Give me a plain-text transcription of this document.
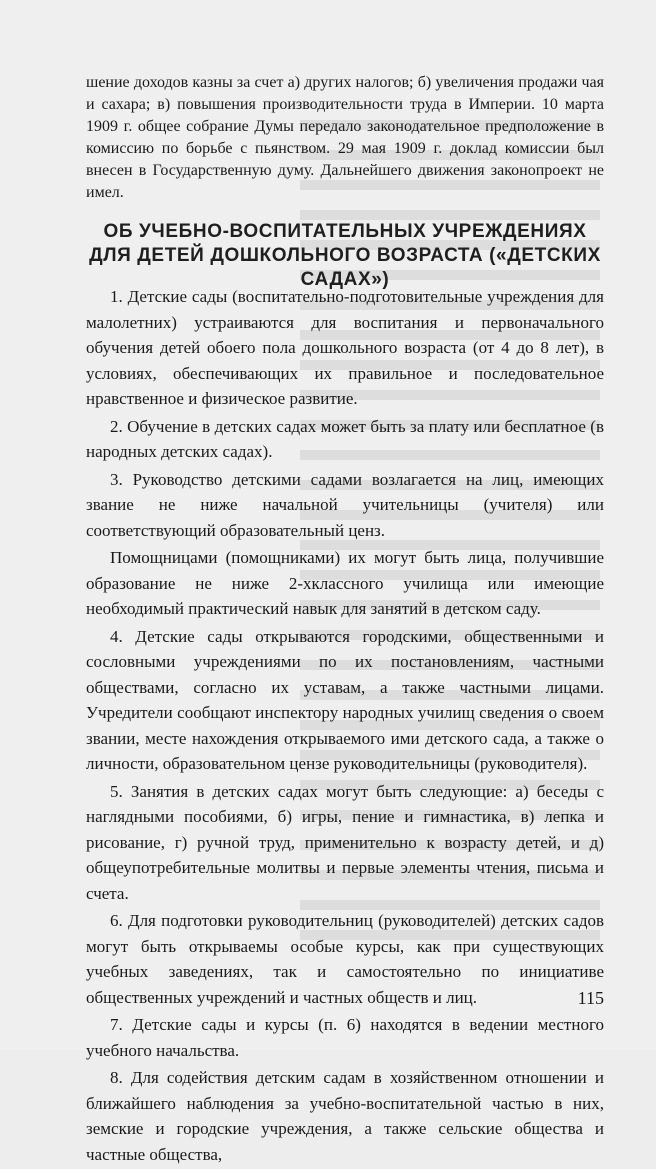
шение доходов казны за счет а) других налогов; б) увеличения продажи чая и сахара; в) повышения производительности труда в Империи. 10 марта 1909 г. общее собрание Думы передало законодательное предположение в комиссию по борьбе с пьянством. 29 мая 1909 г. доклад комиссии был внесен в Государственную думу. Дальнейшего движения законопроект не имел.
ОБ УЧЕБНО-ВОСПИТАТЕЛЬНЫХ УЧРЕЖДЕНИЯХ ДЛЯ ДЕТЕЙ ДОШКОЛЬНОГО ВОЗРАСТА («ДЕТСКИХ САДАХ»)

1. Детские сады (воспитательно-подготовительные учреждения для малолетних) устраиваются для воспитания и первоначального обучения детей обоего пола дошкольного возраста (от 4 до 8 лет), в условиях, обеспечивающих их правильное и последовательное нравственное и физическое развитие.

2. Обучение в детских садах может быть за плату или бесплатное (в народных детских садах).

3. Руководство детскими садами возлагается на лиц, имеющих звание не ниже начальной учительницы (учителя) или соответствующий образовательный ценз.

Помощницами (помощниками) их могут быть лица, получившие образование не ниже 2-хклассного училища или имеющие необходимый практический навык для занятий в детском саду.

4. Детские сады открываются городскими, общественными и сословными учреждениями по их постановлениям, частными обществами, согласно их уставам, а также частными лицами. Учредители сообщают инспектору народных училищ сведения о своем звании, месте нахождения открываемого ими детского сада, а также о личности, образовательном цензе руководительницы (руководителя).

5. Занятия в детских садах могут быть следующие: а) беседы с наглядными пособиями, б) игры, пение и гимнастика, в) лепка и рисование, г) ручной труд, применительно к возрасту детей, и д) общеупотребительные молитвы и первые элементы чтения, письма и счета.

6. Для подготовки руководительниц (руководителей) детских садов могут быть открываемы особые курсы, как при существующих учебных заведениях, так и самостоятельно по инициативе общественных учреждений и частных обществ и лиц.

7. Детские сады и курсы (п. 6) находятся в ведении местного учебного начальства.

8. Для содействия детским садам в хозяйственном отношении и ближайшего наблюдения за учебно-воспитательной частью в них, земские и городские учреждения, а также сельские общества и частные общества,

115
